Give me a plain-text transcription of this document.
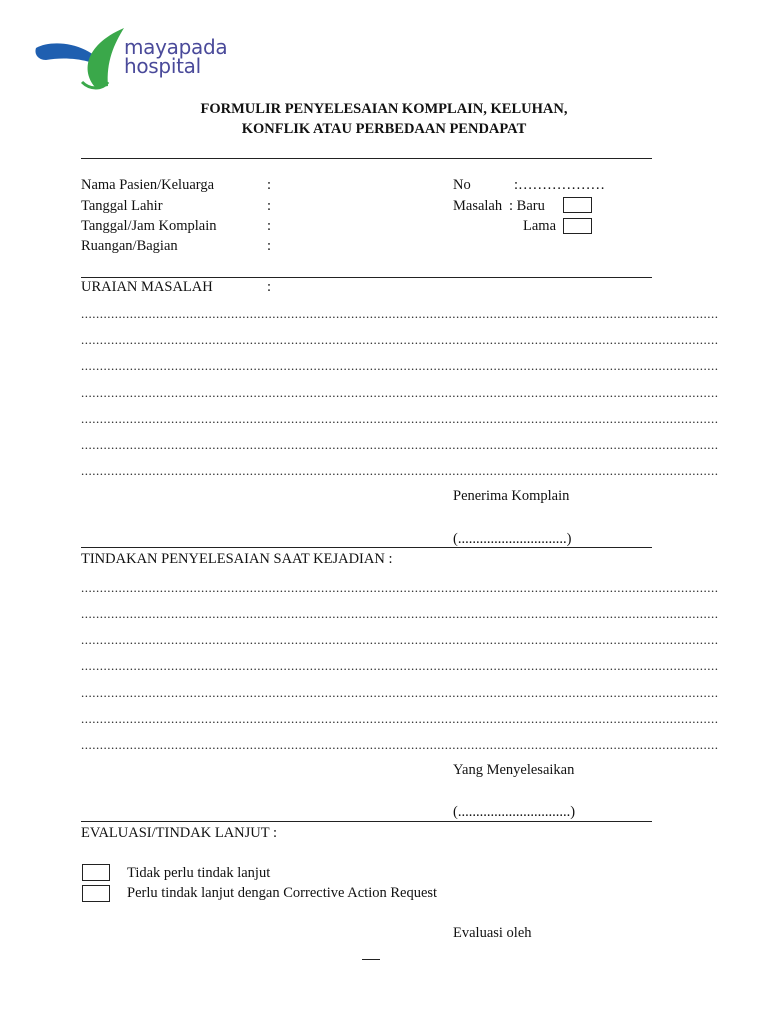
mayapada
hospital
FORMULIR PENYELESAIAN KOMPLAIN, KELUHAN,
KONFLIK ATAU PERBEDAAN PENDAPAT
Nama Pasien/Keluarga	:
Tanggal Lahir	:
Tanggal/Jam Komplain	:
Ruangan/Bagian	:
No	:………………
Masalah : Baru
Lama
URAIAN MASALAH	:
..........................................................................................................................................................................
..........................................................................................................................................................................
..........................................................................................................................................................................
..........................................................................................................................................................................
..........................................................................................................................................................................
..........................................................................................................................................................................
..........................................................................................................................................................................
Penerima Komplain
(..............................)
TINDAKAN PENYELESAIAN SAAT KEJADIAN :
..........................................................................................................................................................................
..........................................................................................................................................................................
..........................................................................................................................................................................
..........................................................................................................................................................................
..........................................................................................................................................................................
..........................................................................................................................................................................
..........................................................................................................................................................................
Yang Menyelesaikan
(...............................)
EVALUASI/TINDAK LANJUT :
Tidak perlu tindak lanjut
Perlu tindak lanjut dengan Corrective Action Request
Evaluasi oleh
